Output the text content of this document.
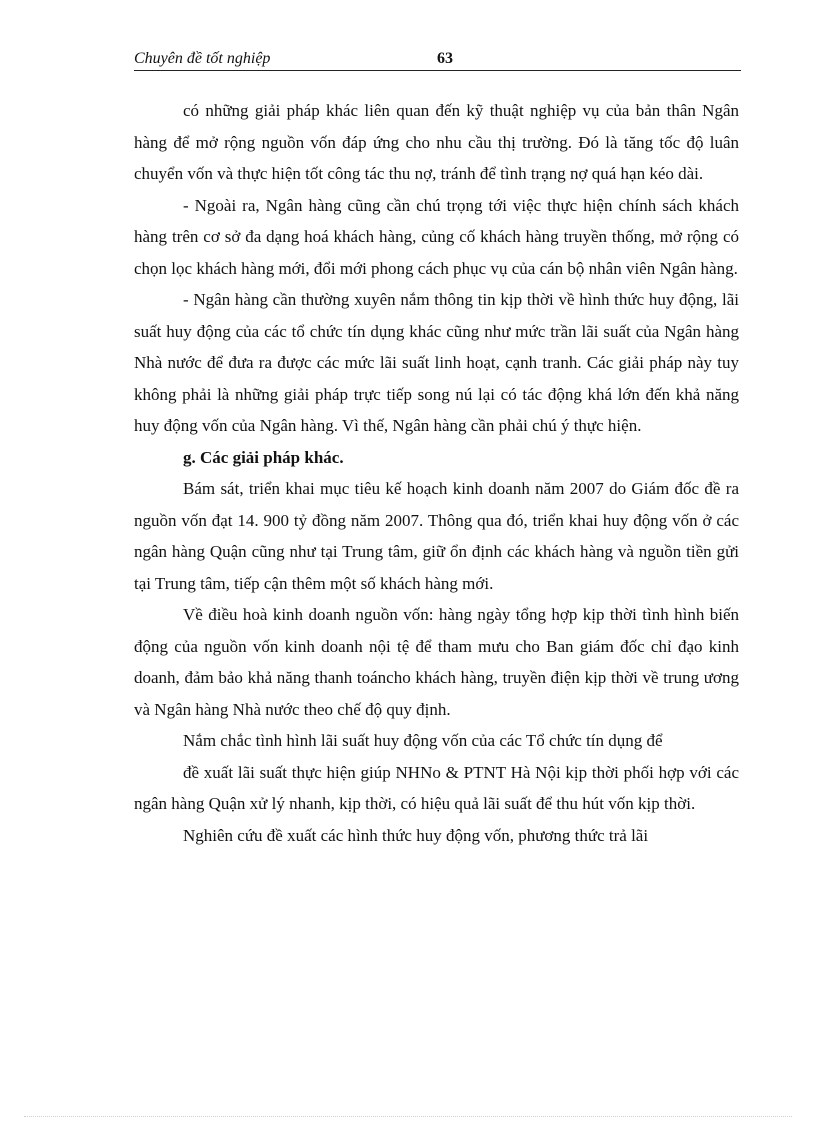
Chuyên đề tốt nghiệp	63

có những giải pháp khác liên quan đến kỹ thuật nghiệp vụ của bản thân Ngân hàng để mở rộng nguồn vốn đáp ứng cho nhu cầu thị trường. Đó là tăng tốc độ luân chuyển vốn và thực hiện tốt công tác thu nợ, tránh để tình trạng nợ quá hạn kéo dài.

- Ngoài ra, Ngân hàng cũng cần chú trọng tới việc thực hiện chính sách khách hàng trên cơ sở đa dạng hoá khách hàng, củng cố khách hàng truyền thống, mở rộng có chọn lọc khách hàng mới, đổi mới phong cách phục vụ của cán bộ nhân viên Ngân hàng.

- Ngân hàng cần thường xuyên nắm thông tin kịp thời về hình thức huy động, lãi suất huy động của các tổ chức tín dụng khác cũng như mức trần lãi suất của Ngân hàng Nhà nước để đưa ra được các mức lãi suất linh hoạt, cạnh tranh. Các giải pháp này tuy không phải là những giải pháp trực tiếp song nú lại có tác động khá lớn đến khả năng huy động vốn của Ngân hàng. Vì thế, Ngân hàng cần phải chú ý thực hiện.

g. Các giải pháp khác.

Bám sát, triển khai mục tiêu kế hoạch kinh doanh năm 2007 do Giám đốc đề ra nguồn vốn đạt 14. 900 tỷ đồng năm 2007. Thông qua đó, triển khai huy động vốn ở các ngân hàng Quận cũng như tại Trung tâm, giữ ổn định các khách hàng và nguồn tiền gửi tại Trung tâm, tiếp cận thêm một số khách hàng mới.

Về điều hoà kinh doanh nguồn vốn: hàng ngày tổng hợp kịp thời tình hình biến động của nguồn vốn kinh doanh nội tệ để tham mưu cho Ban giám đốc chỉ đạo kinh doanh, đảm bảo khả năng thanh toáncho khách hàng, truyền điện kịp thời về trung ương và Ngân hàng Nhà nước theo chế độ quy định.

Nắm chắc tình hình lãi suất huy động vốn của các Tổ chức tín dụng để

đề xuất lãi suất thực hiện giúp NHNo & PTNT Hà Nội kịp thời phối hợp với các ngân hàng Quận xử lý nhanh, kịp thời, có hiệu quả lãi suất để thu hút vốn kịp thời.

Nghiên cứu đề xuất các hình thức huy động vốn, phương thức trả lãi
